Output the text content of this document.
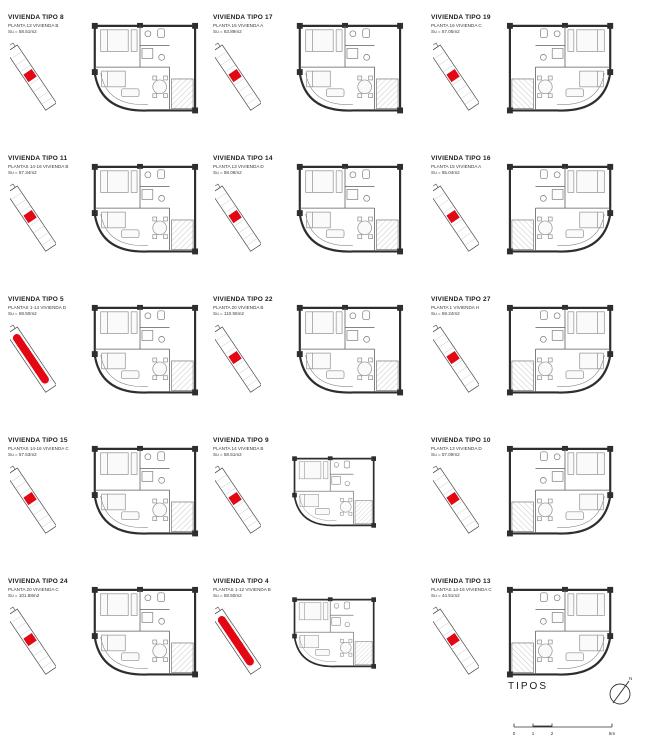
VIVIENDA TIPO 8
PLANTA 13 VIVIENDA B
Su = 58.51m2
VIVIENDA TIPO 17
PLANTA 15 VIVIENDA A
Su = 63.89m2
VIVIENDA TIPO 19
PLANTA 16 VIVIENDA C
Su = 57.05m2
VIVIENDA TIPO 11
PLANTAS 14-16 VIVIENDA B
Su = 57.34m2
VIVIENDA TIPO 14
PLANTA 13 VIVIENDA D
Su = 58.06m2
VIVIENDA TIPO 16
PLANTA 15 VIVIENDA A
Su = 65.04m2
VIVIENDA TIPO 5
PLANTAS 1-14 VIVIENDA D
Su = 58.50m2
VIVIENDA TIPO 22
PLANTA 20 VIVIENDA B
Su = 110.55m2
VIVIENDA TIPO 27
PLANTA 1 VIVIENDA H
Su = 59.24m2
VIVIENDA TIPO 15
PLANTAS 14-16 VIVIENDA C
Su = 57.53m2
VIVIENDA TIPO 9
PLANTA 14 VIVIENDA B
Su = 58.51m2
VIVIENDA TIPO 10
PLANTA 13 VIVIENDA D
Su = 57.09m2
VIVIENDA TIPO 24
PLANTA 20 VIVIENDA C
Su = 101.88m2
VIVIENDA TIPO 4
PLANTAS 1-12 VIVIENDA B
Su = 58.50m2
VIVIENDA TIPO 13
PLANTAS 14-16 VIVIENDA C
Su = 44.51m2
TIPOS
N
0	1	2	5m
